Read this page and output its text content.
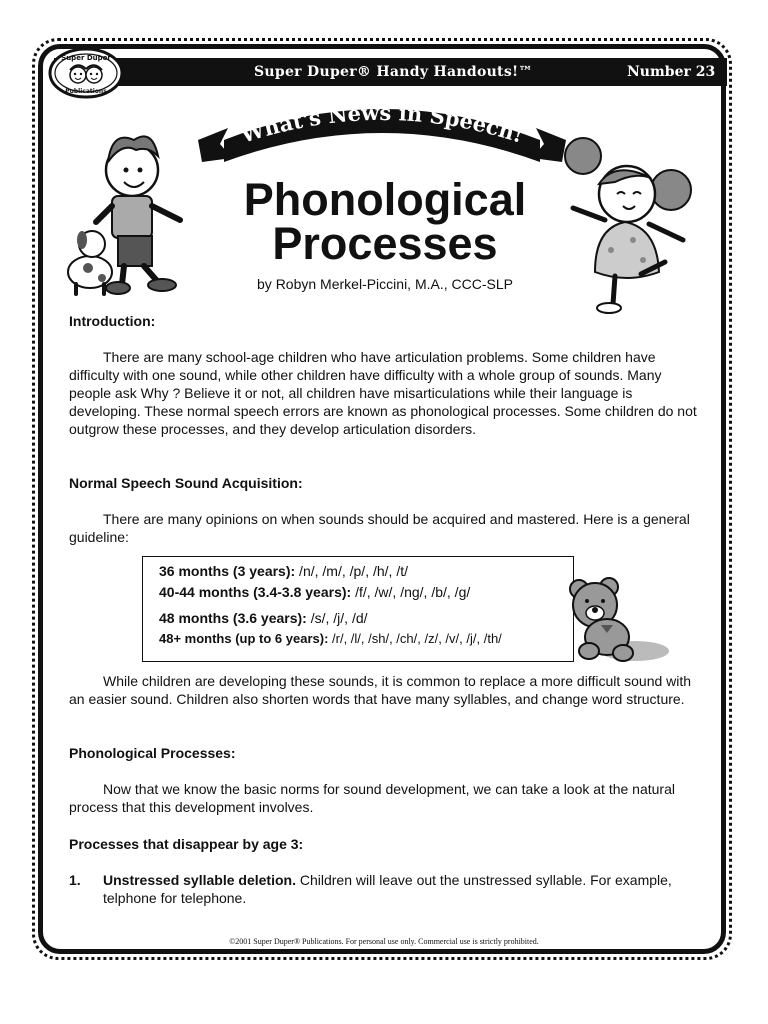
Super Duper® Handy Handouts!™	Number 23
Super Duper
Publications
What's News in Speech!
Phonological
Processes
by Robyn Merkel-Piccini, M.A., CCC-SLP
Introduction:
There are many school-age children who have articulation problems. Some children have difficulty with one sound, while other children have difficulty with a whole group of sounds. Many people ask Why ? Believe it or not, all children have misarticulations while their language is developing. These normal speech errors are known as phonological processes. Some children do not outgrow these processes, and they develop articulation disorders.
Normal Speech Sound Acquisition:
There are many opinions on when sounds should be acquired and mastered. Here is a general guideline:
36 months (3 years): /n/, /m/, /p/, /h/, /t/
40-44 months (3.4-3.8 years): /f/, /w/, /ng/, /b/, /g/
48 months (3.6 years): /s/, /j/, /d/
48+ months (up to 6 years): /r/, /l/, /sh/, /ch/, /z/, /v/, /j/, /th/
While children are developing these sounds, it is common to replace a more difficult sound with an easier sound. Children also shorten words that have many syllables, and change word structure.
Phonological Processes:
Now that we know the basic norms for sound development, we can take a look at the natural process that this development involves.
Processes that disappear by age 3:
1. Unstressed syllable deletion. Children will leave out the unstressed syllable. For example, telphone for telephone.
©2001 Super Duper® Publications. For personal use only. Commercial use is strictly prohibited.
